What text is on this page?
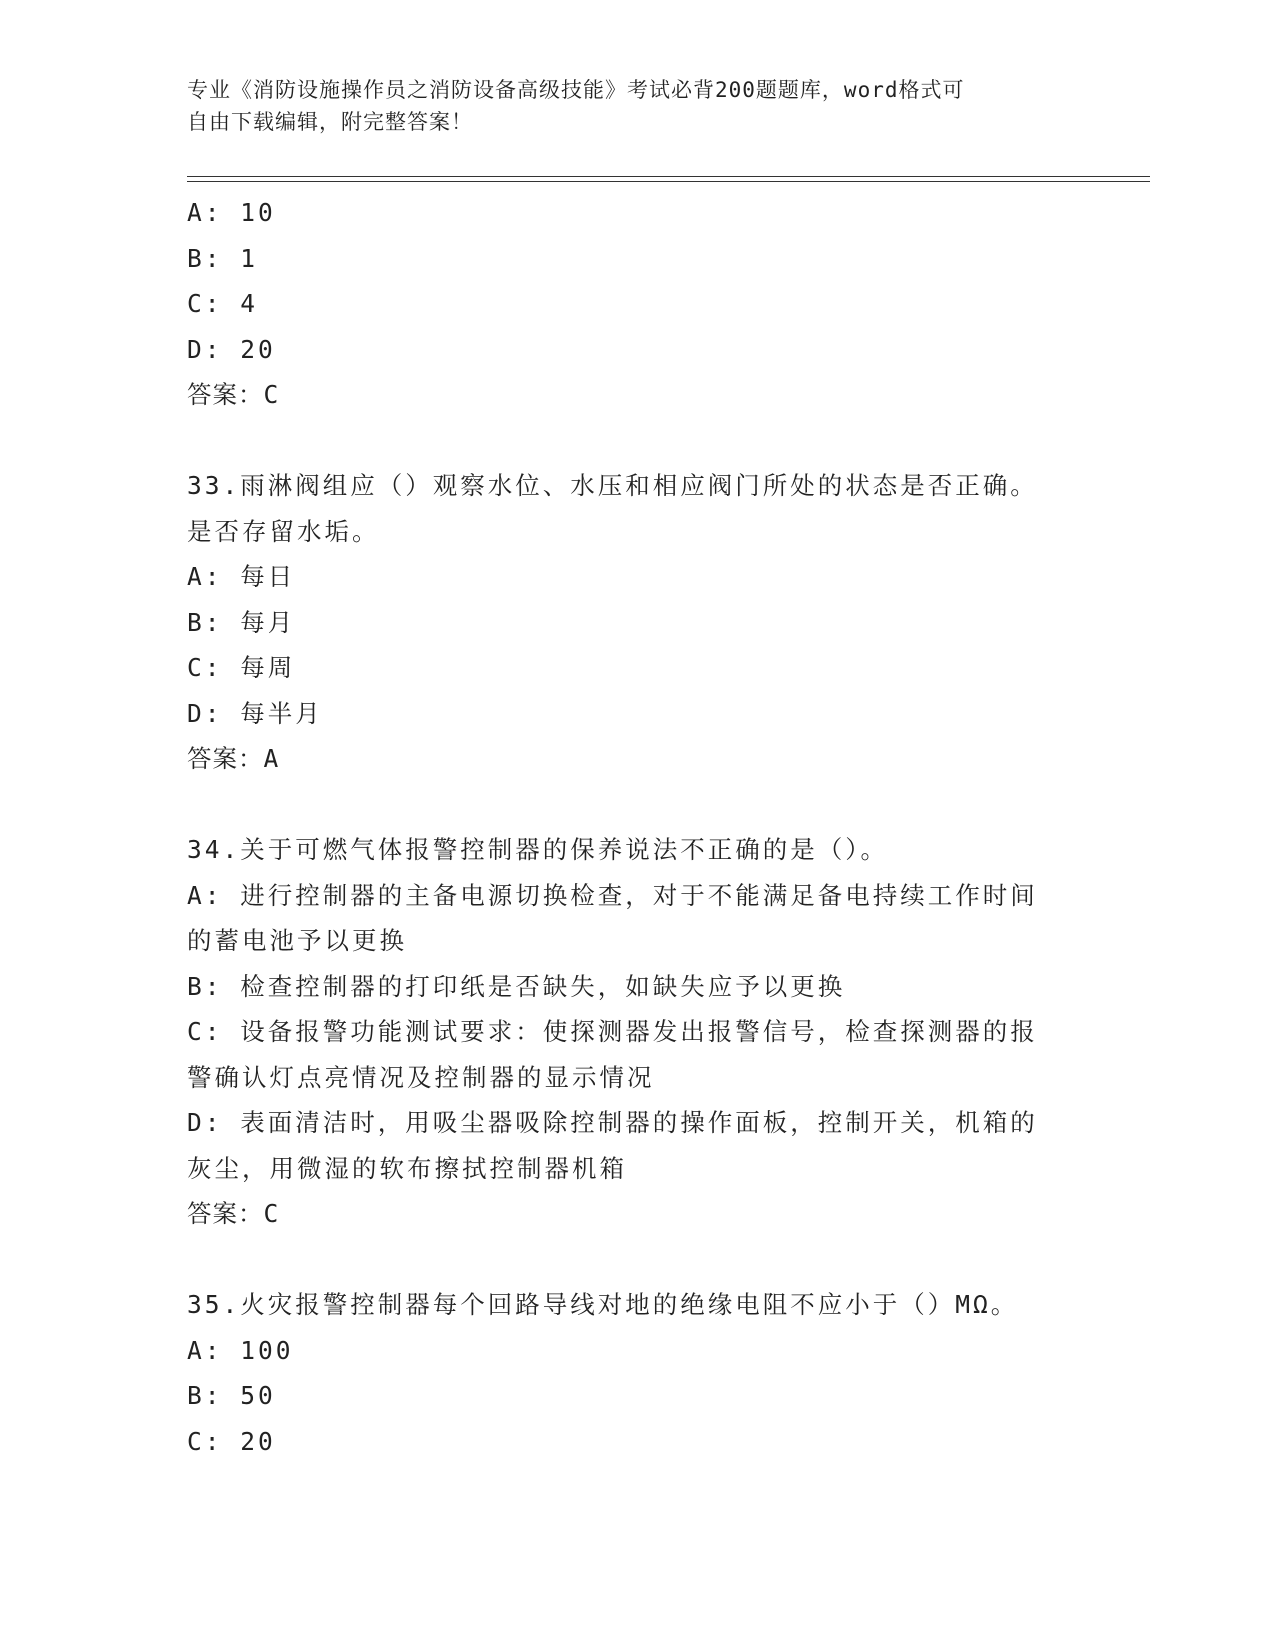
专业《消防设施操作员之消防设备高级技能》考试必背200题题库，word格式可
自由下载编辑，附完整答案！
A: 10
B: 1
C: 4
D: 20
答案：C
33.雨淋阀组应（）观察水位、水压和相应阀门所处的状态是否正确。
是否存留水垢。
A: 每日
B: 每月
C: 每周
D: 每半月
答案：A
34.关于可燃气体报警控制器的保养说法不正确的是（）。
A: 进行控制器的主备电源切换检查，对于不能满足备电持续工作时间
的蓄电池予以更换
B: 检查控制器的打印纸是否缺失，如缺失应予以更换
C: 设备报警功能测试要求：使探测器发出报警信号，检查探测器的报
警确认灯点亮情况及控制器的显示情况
D: 表面清洁时，用吸尘器吸除控制器的操作面板，控制开关，机箱的
灰尘，用微湿的软布擦拭控制器机箱
答案：C
35.火灾报警控制器每个回路导线对地的绝缘电阻不应小于（）MΩ。
A: 100
B: 50
C: 20
